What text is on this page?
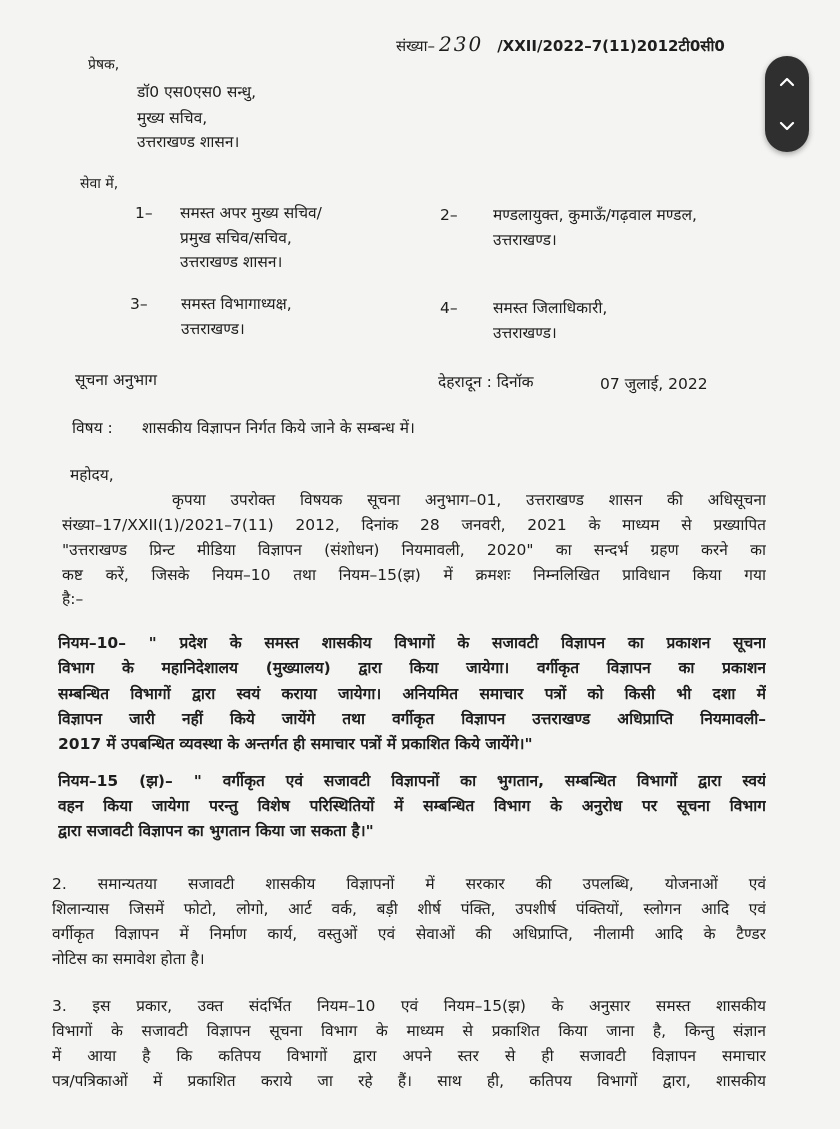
संख्या– 230 /XXII/2022–7(11)2012टी0सी0
प्रेषक,
डॉ0 एस0एस0 सन्धु,
मुख्य सचिव,
उत्तराखण्ड शासन।
सेवा में,
1– समस्त अपर मुख्य सचिव/
प्रमुख सचिव/सचिव,
उत्तराखण्ड शासन।
2– मण्डलायुक्त, कुमाऊँ/गढ़वाल मण्डल,
उत्तराखण्ड।
3– समस्त विभागाध्यक्ष,
उत्तराखण्ड।
4– समस्त जिलाधिकारी,
उत्तराखण्ड।
सूचना अनुभाग	देहरादून : दिनॉक	07 जुलाई, 2022
विषय : शासकीय विज्ञापन निर्गत किये जाने के सम्बन्ध में।
महोदय,
कृपया उपरोक्त विषयक सूचना अनुभाग–01, उत्तराखण्ड शासन की अधिसूचना
संख्या–17/XXII(1)/2021–7(11) 2012, दिनांक 28 जनवरी, 2021 के माध्यम से प्रख्यापित
"उत्तराखण्ड प्रिन्ट मीडिया विज्ञापन (संशोधन) नियमावली, 2020" का सन्दर्भ ग्रहण करने का
कष्ट करें, जिसके नियम–10 तथा नियम–15(झ) में क्रमशः निम्नलिखित प्राविधान किया गया
है:–
नियम–10– " प्रदेश के समस्त शासकीय विभागों के सजावटी विज्ञापन का प्रकाशन सूचना
विभाग के महानिदेशालय (मुख्यालय) द्वारा किया जायेगा। वर्गीकृत विज्ञापन का प्रकाशन
सम्बन्धित विभागों द्वारा स्वयं कराया जायेगा। अनियमित समाचार पत्रों को किसी भी दशा में
विज्ञापन जारी नहीं किये जायेंगे तथा वर्गीकृत विज्ञापन उत्तराखण्ड अधिप्राप्ति नियमावली–
2017 में उपबन्धित व्यवस्था के अन्तर्गत ही समाचार पत्रों में प्रकाशित किये जायेंगे।"
नियम–15 (झ)– " वर्गीकृत एवं सजावटी विज्ञापनों का भुगतान, सम्बन्धित विभागों द्वारा स्वयं
वहन किया जायेगा परन्तु विशेष परिस्थितियों में सम्बन्धित विभाग के अनुरोध पर सूचना विभाग
द्वारा सजावटी विज्ञापन का भुगतान किया जा सकता है।"
2. समान्यतया सजावटी शासकीय विज्ञापनों में सरकार की उपलब्धि, योजनाओं एवं
शिलान्यास जिसमें फोटो, लोगो, आर्ट वर्क, बड़ी शीर्ष पंक्ति, उपशीर्ष पंक्तियों, स्लोगन आदि एवं
वर्गीकृत विज्ञापन में निर्माण कार्य, वस्तुओं एवं सेवाओं की अधिप्राप्ति, नीलामी आदि के टैण्डर
नोटिस का समावेश होता है।
3. इस प्रकार, उक्त संदर्भित नियम–10 एवं नियम–15(झ) के अनुसार समस्त शासकीय
विभागों के सजावटी विज्ञापन सूचना विभाग के माध्यम से प्रकाशित किया जाना है, किन्तु संज्ञान
में आया है कि कतिपय विभागों द्वारा अपने स्तर से ही सजावटी विज्ञापन समाचार
पत्र/पत्रिकाओं में प्रकाशित कराये जा रहे हैं। साथ ही, कतिपय विभागों द्वारा, शासकीय
